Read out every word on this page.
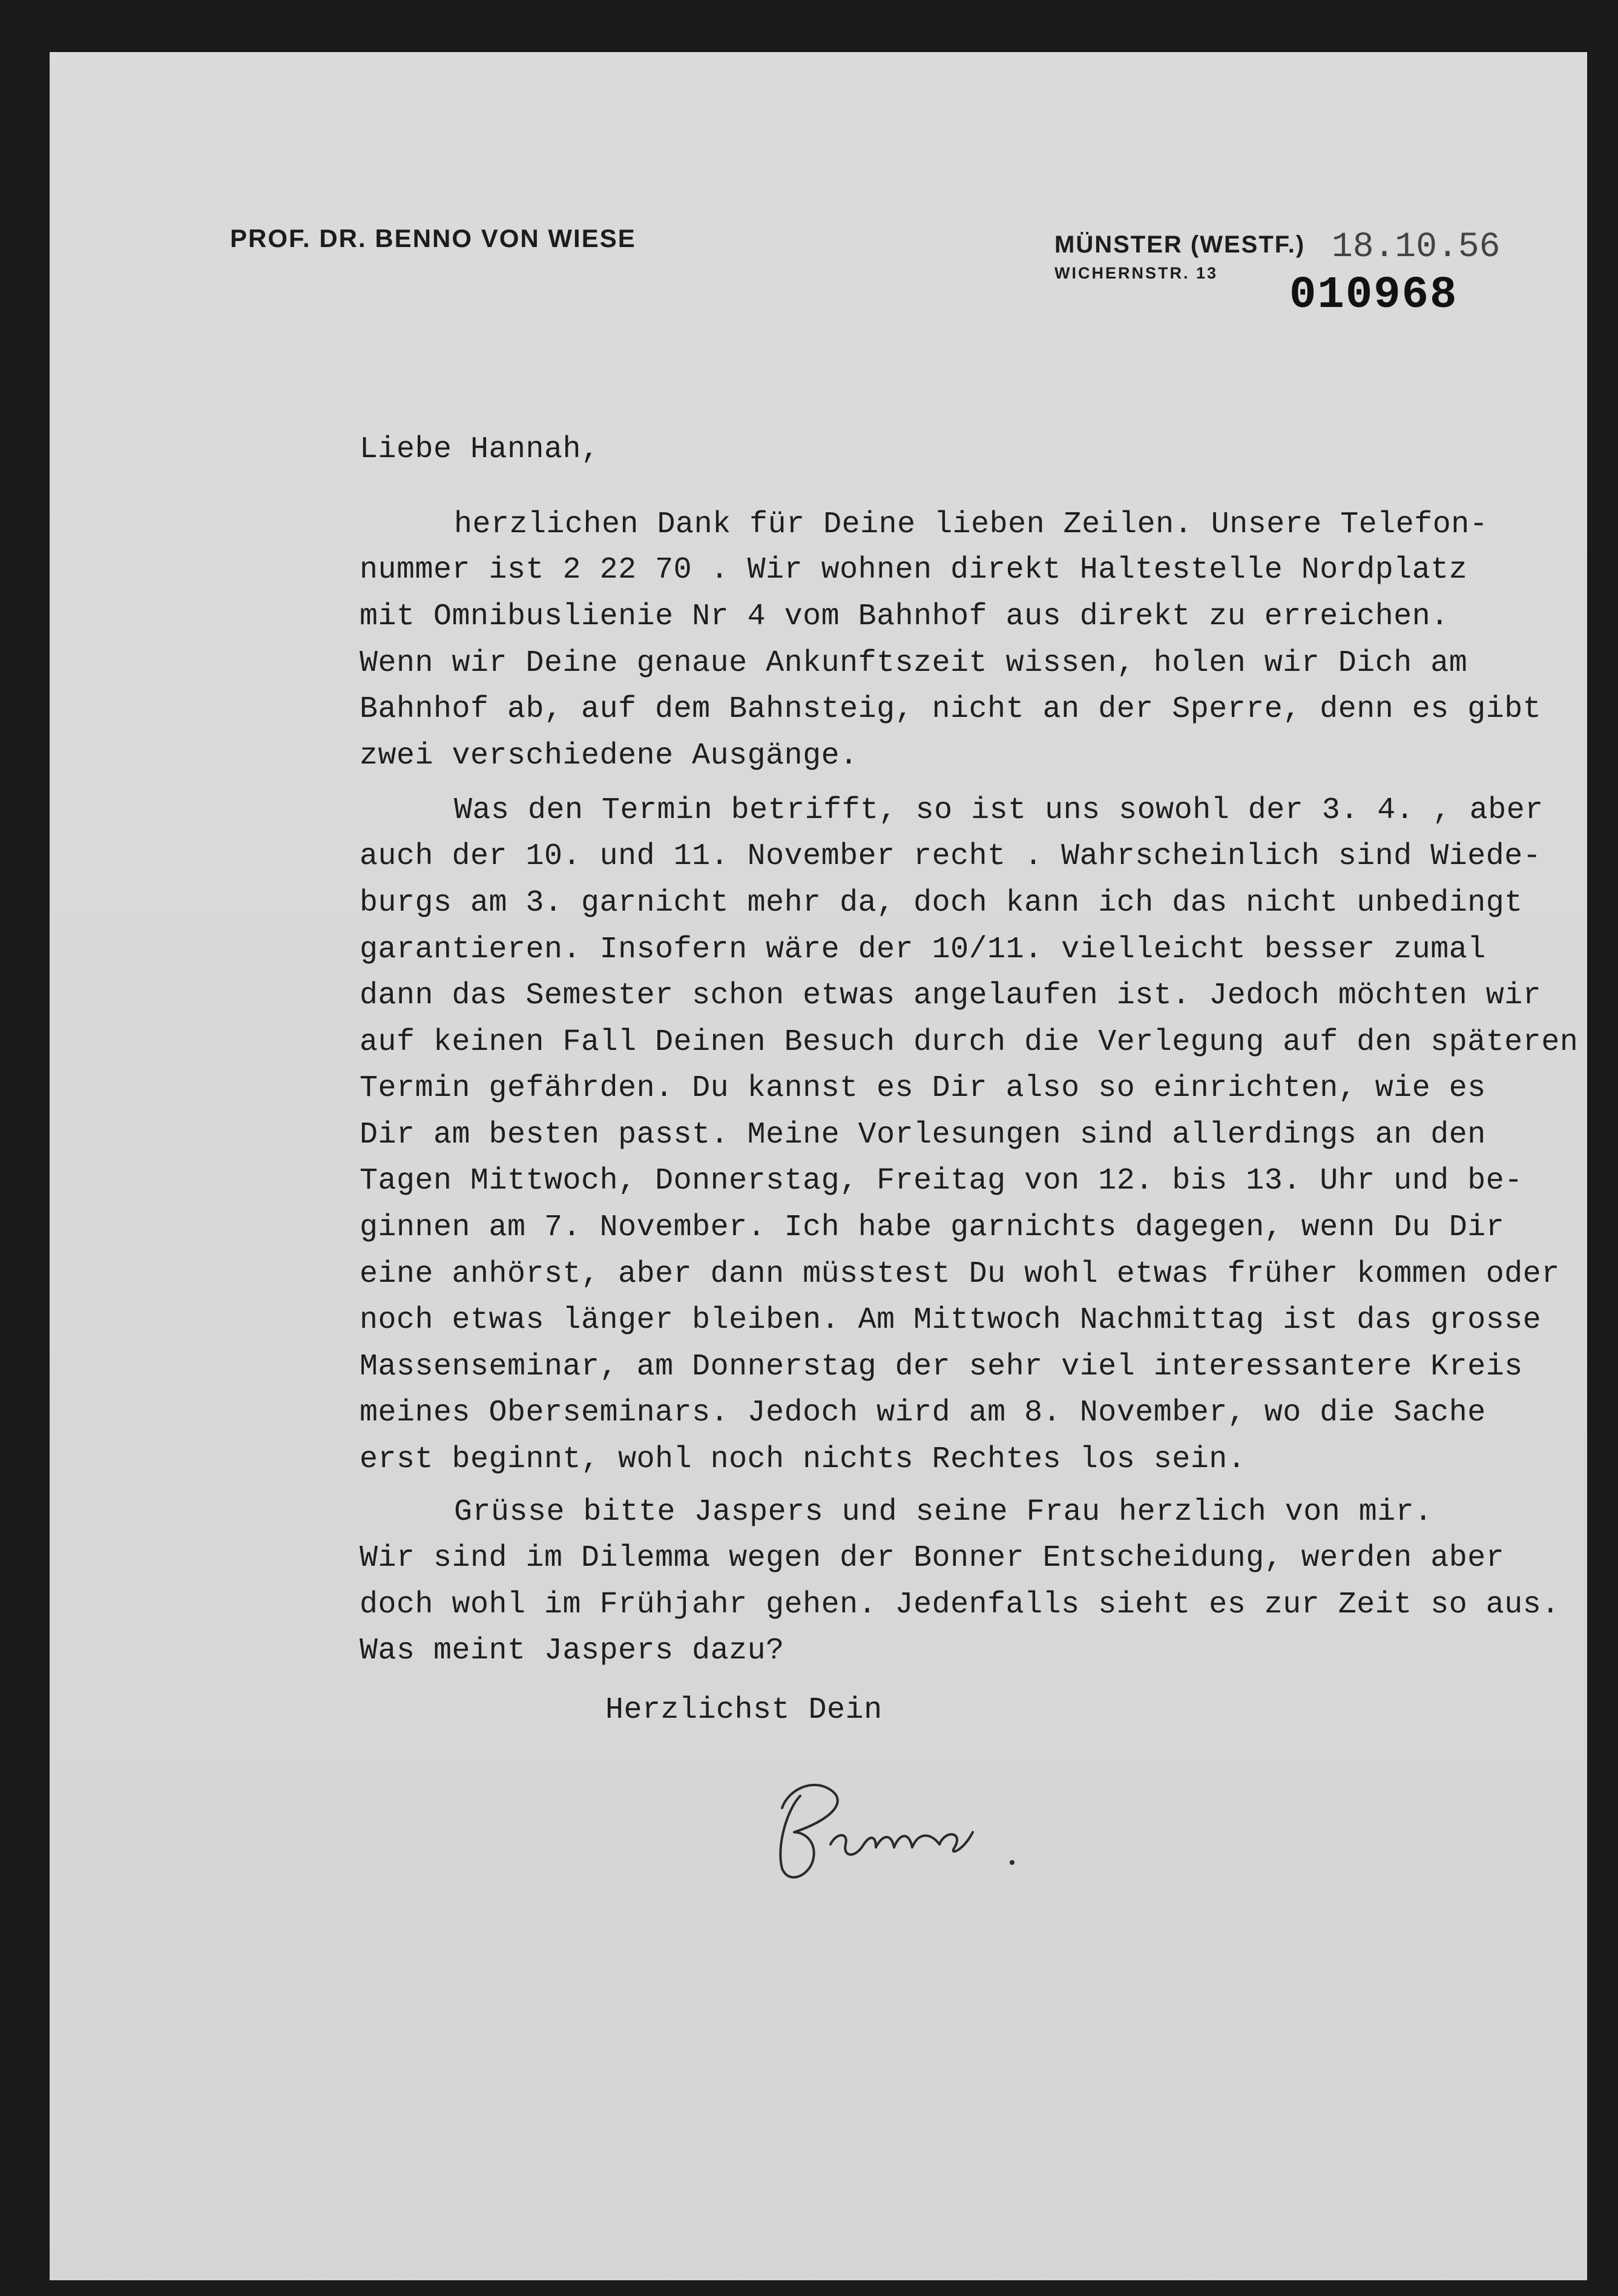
PROF. DR. BENNO VON WIESE	MÜNSTER (WESTF.)
WICHERNSTR. 13
18.10.56
010968
Liebe Hannah,
herzlichen Dank für Deine lieben Zeilen. Unsere Telefon-
nummer ist 2 22 70 . Wir wohnen direkt Haltestelle Nordplatz
mit Omnibuslienie Nr 4 vom Bahnhof aus direkt zu erreichen.
Wenn wir Deine genaue Ankunftszeit wissen, holen wir Dich am
Bahnhof ab, auf dem Bahnsteig, nicht an der Sperre, denn es gibt
zwei verschiedene Ausgänge.
Was den Termin betrifft, so ist uns sowohl der 3. 4. , aber
auch der 10. und 11. November recht . Wahrscheinlich sind Wiede-
burgs am 3. garnicht mehr da, doch kann ich das nicht unbedingt
garantieren. Insofern wäre der 10/11. vielleicht besser zumal
dann das Semester schon etwas angelaufen ist. Jedoch möchten wir
auf keinen Fall Deinen Besuch durch die Verlegung auf den späteren
Termin gefährden. Du kannst es Dir also so einrichten, wie es
Dir am besten passt. Meine Vorlesungen sind allerdings an den
Tagen Mittwoch, Donnerstag, Freitag von 12. bis 13. Uhr und be-
ginnen am 7. November. Ich habe garnichts dagegen, wenn Du Dir
eine anhörst, aber dann müsstest Du wohl etwas früher kommen oder
noch etwas länger bleiben. Am Mittwoch Nachmittag ist das grosse
Massenseminar, am Donnerstag der sehr viel interessantere Kreis
meines Oberseminars. Jedoch wird am 8. November, wo die Sache
erst beginnt, wohl noch nichts Rechtes los sein.
Grüsse bitte Jaspers und seine Frau herzlich von mir.
Wir sind im Dilemma wegen der Bonner Entscheidung, werden aber
doch wohl im Frühjahr gehen. Jedenfalls sieht es zur Zeit so aus.
Was meint Jaspers dazu?
Herzlichst Dein
